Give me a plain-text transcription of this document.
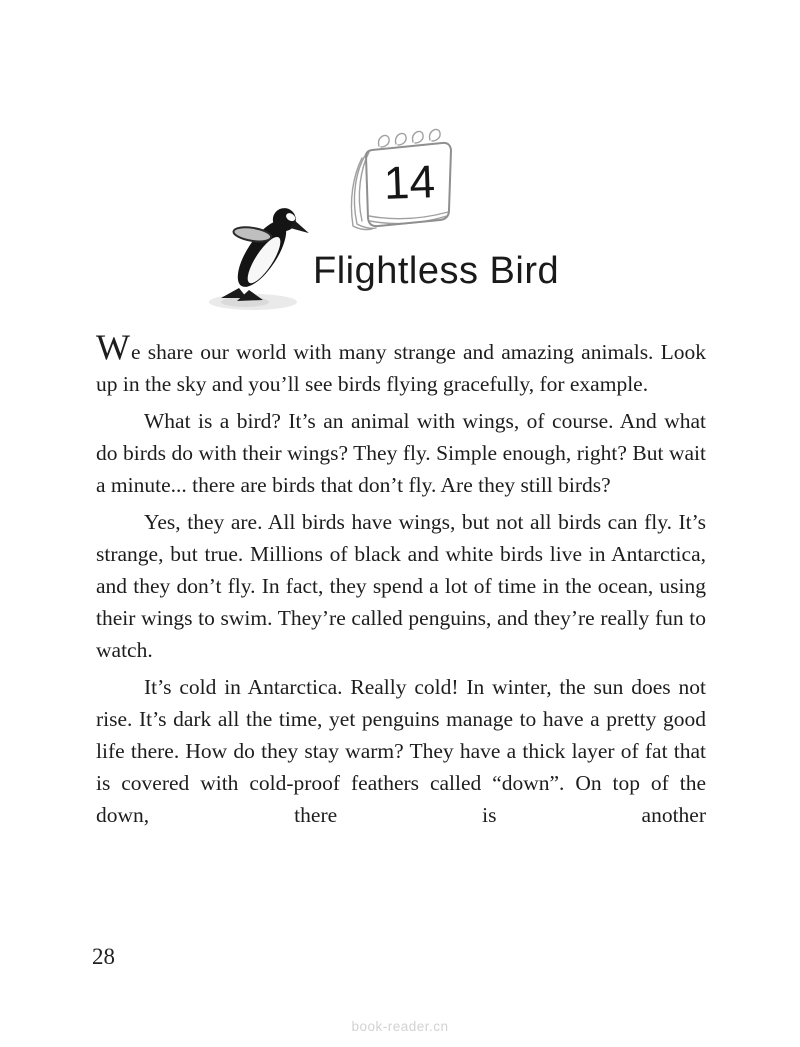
14
Flightless Bird

We share our world with many strange and amazing animals. Look up in the sky and you’ll see birds flying gracefully, for example.

What is a bird? It’s an animal with wings, of course. And what do birds do with their wings? They fly. Simple enough, right? But wait a minute... there are birds that don’t fly. Are they still birds?

Yes, they are. All birds have wings, but not all birds can fly. It’s strange, but true. Millions of black and white birds live in Antarctica, and they don’t fly. In fact, they spend a lot of time in the ocean, using their wings to swim. They’re called penguins, and they’re really fun to watch.

It’s cold in Antarctica. Really cold! In winter, the sun does not rise. It’s dark all the time, yet penguins manage to have a pretty good life there. How do they stay warm? They have a thick layer of fat that is covered with cold-proof feathers called “down”. On top of the down, there is another

28
book-reader.cn
